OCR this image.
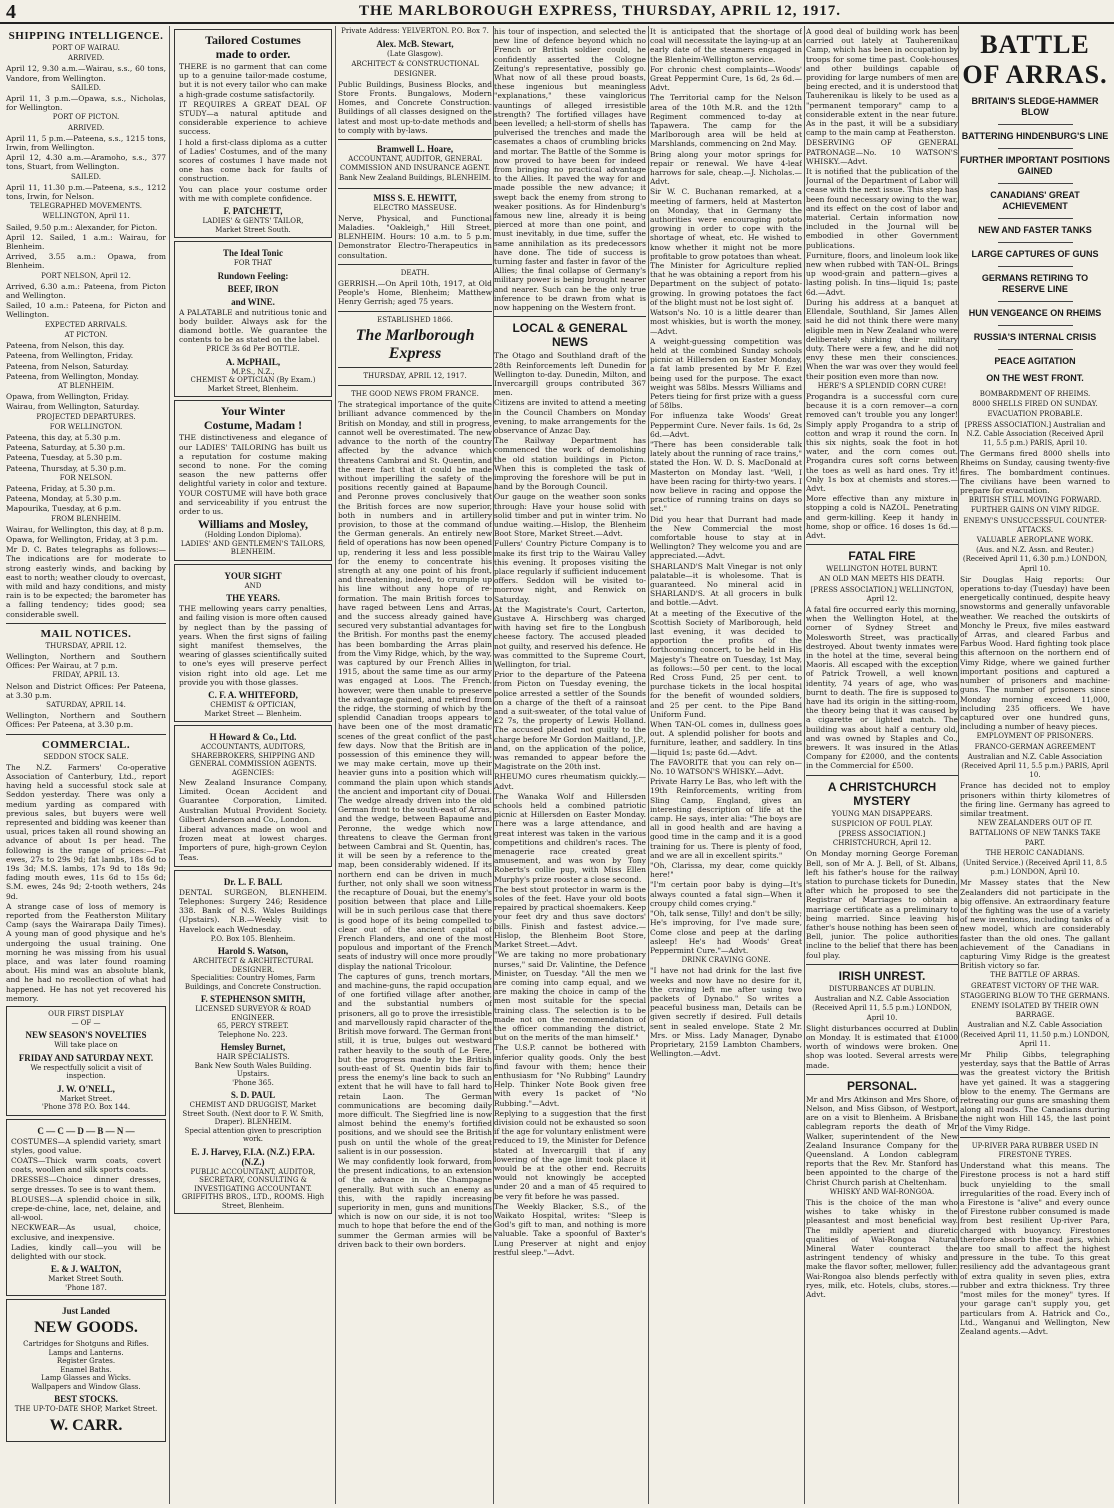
4	THE MARLBOROUGH EXPRESS, THURSDAY, APRIL 12, 1917.
SHIPPING INTELLIGENCE.
PORT OF WAIRAU.
ARRIVED.
April 12, 9.30 a.m.—Wairau, s.s., 60 tons, Vandore, from Wellington.
SAILED.
April 11, 3 p.m.—Opawa, s.s., Nicholas, for Wellington.
PORT OF PICTON.
ARRIVED.
April 11, 5 p.m.—Pateena, s.s., 1215 tons, Irwin, from Wellington.
April 12, 4.30 a.m.—Aramoho, s.s., 377 tons, Stuart, from Wellington.
SAILED.
April 11, 11.30 p.m.—Pateena, s.s., 1212 tons, Irwin, for Nelson.
TELEGRAPHED MOVEMENTS.
WELLINGTON, April 11.
Sailed, 9.50 p.m.: Alexander, for Picton.
April 12. Sailed, 1 a.m.: Wairau, for Blenheim.
Arrived, 3.55 a.m.: Opawa, from Blenheim.
PORT NELSON, April 12.
Arrived, 6.30 a.m.: Pateena, from Picton and Wellington.
Sailed, 10 a.m.: Pateena, for Picton and Wellington.
EXPECTED ARRIVALS.
AT PICTON.
Pateena, from Nelson, this day.
Pateena, from Wellington, Friday.
Pateena, from Nelson, Saturday.
Pateena, from Wellington, Monday.
AT BLENHEIM.
Opawa, from Wellington, Friday.
Wairau, from Wellington, Saturday.
PROJECTED DEPARTURES.
FOR WELLINGTON.
Pateena, this day, at 5.30 p.m.
Pateena, Saturday, at 5.30 p.m.
Pateena, Tuesday, at 5.30 p.m.
Pateena, Thursday, at 5.30 p.m.
FOR NELSON.
Pateena, Friday, at 5.30 p.m.
Pateena, Monday, at 5.30 p.m.
Mapourika, Tuesday, at 6 p.m.
FROM BLENHEIM.
Wairau, for Wellington, this day, at 8 p.m.
Opawa, for Wellington, Friday, at 3 p.m.
Mr D. C. Bates telegraphs as follows:—The indications are for moderate to strong easterly winds, and backing by east to north; weather cloudy to overcast, with mild and hazy conditions, and misty rain is to be expected; the barometer has a falling tendency; tides good; sea considerable swell.
MAIL NOTICES.
THURSDAY, APRIL 12.
Wellington, Northern and Southern Offices: Per Wairau, at 7 p.m.
FRIDAY, APRIL 13.
Nelson and District Offices: Per Pateena, at 3.30 p.m.
SATURDAY, APRIL 14.
Wellington, Northern and Southern Offices: Per Pateena, at 3.30 p.m.
COMMERCIAL.
SEDDON STOCK SALE.
The N.Z. Farmers' Co-operative Association of Canterbury, Ltd., report having held a successful stock sale at Seddon yesterday. There was only a medium yarding as compared with previous sales, but buyers were well represented and bidding was keener than usual, prices taken all round showing an advance of about 1s per head. The following is the range of prices:—Fat ewes, 27s to 29s 9d; fat lambs, 18s 6d to 19s 3d; M.S. lambs, 17s 9d to 18s 9d; fading mouth ewes, 11s 6d to 15s 6d; S.M. ewes, 24s 9d; 2-tooth wethers, 24s 9d.
A strange case of loss of memory is reported from the Featherston Military Camp (says the Wairarapa Daily Times). A young man of good physique and he's undergoing the usual training. One morning he was missing from his usual place, and was later found roaming about. His mind was an absolute blank, and he had no recollection of what had happened. He has not yet recovered his memory.
OUR FIRST DISPLAY
— OF —
NEW SEASON'S NOVELTIES
Will take place on
FRIDAY AND SATURDAY NEXT.
We respectfully solicit a visit of inspection.
J. W. O'NELL,
Market Street.
'Phone 378 P.O. Box 144.
C — C — D — B — N —
COSTUMES—A splendid variety, smart styles, good value.
COATS—Thick warm coats, covert coats, woollen and silk sports coats.
DRESSES—Choice dinner dresses, serge dresses. To see is to want them.
BLOUSES—A splendid choice in silk, crepe-de-chine, lace, net, delaine, and all-wool.
NECKWEAR—As usual, choice, exclusive, and inexpensive.
Ladies, kindly call—you will be delighted with our stock.
E. & J. WALTON,
Market Street South.
'Phone 187.
Just Landed
NEW GOODS.
Cartridges for Shotguns and Rifles.
Lamps and Lanterns.
Register Grates.
Enamel Baths.
Lamp Glasses and Wicks.
Wallpapers and Window Glass.
BEST STOCKS.
THE UP-TO-DATE SHOP, Market Street.
W. CARR.
Tailored Costumes
made to order.
THERE is no garment that can come up to a genuine tailor-made costume, but it is not every tailor who can make a high-grade costume satisfactorily.
IT REQUIRES A GREAT DEAL OF STUDY—a natural aptitude and considerable experience to achieve success.
I hold a first-class diploma as a cutter of Ladies' Costumes, and of the many scores of costumes I have made not one has come back for faults of construction.
You can place your costume order with me with complete confidence.
F. PATCHETT,
LADIES' & GENTS' TAILOR,
Market Street South.
The Ideal Tonic
FOR THAT
Rundown Feeling:
BEEF, IRON
and WINE.
A PALATABLE and nutritious tonic and body builder. Always ask for the diamond bottle. We guarantee the contents to be as stated on the label.
PRICE 3s 6d Per BOTTLE.
A. McPHAIL,
M.P.S., N.Z.,
CHEMIST & OPTICIAN (By Exam.)
Market Street, Blenheim.
Your Winter
Costume, Madam !
THE distinctiveness and elegance of our LADIES' TAILORING has built us a reputation for costume making second to none. For the coming season the new patterns offer delightful variety in color and texture. YOUR COSTUME will have both grace and serviceability if you entrust the order to us.
Williams and Mosley,
(Holding London Diploma).
LADIES' AND GENTLEMEN'S TAILORS,
BLENHEIM.
YOUR SIGHT
AND
THE YEARS.
THE mellowing years carry penalties, and failing vision is more often caused by neglect than by the passing of years. When the first signs of failing sight manifest themselves, the wearing of glasses scientifically suited to one's eyes will preserve perfect vision right into old age. Let me provide you with those glasses.
C. F. A. WHITEFORD,
CHEMIST & OPTICIAN,
Market Street — Blenheim.
H Howard & Co., Ltd.
ACCOUNTANTS, AUDITORS, SHAREBROKERS, SHIPPING AND GENERAL COMMISSION AGENTS.
AGENCIES:
New Zealand Insurance Company, Limited. Ocean Accident and Guarantee Corporation, Limited. Australian Mutual Provident Society. Gilbert Anderson and Co., London.
Liberal advances made on wool and frozen meat at lowest charges. Importers of pure, high-grown Ceylon Teas.
Dr. L. F. BALL
DENTAL SURGEON, BLENHEIM. Telephones: Surgery 246; Residence 338. Bank of N.S. Wales Buildings (Upstairs). N.B.—Weekly visit to Havelock each Wednesday.
P.O. Box 105. Blenheim.
Harold S. Watson,
ARCHITECT & ARCHITECTURAL DESIGNER.
Specialities: Country Homes, Farm Buildings, and Concrete Construction.
F. STEPHENSON SMITH,
LICENSED SURVEYOR & ROAD ENGINEER.
65, PERCY STREET.
Telephone No. 223.
Hemsley Burnet,
HAIR SPECIALISTS.
Bank New South Wales Building. Upstairs.
'Phone 365.
S. D. PAUL
CHEMIST AND DRUGGIST, Market Street South. (Next door to F. W. Smith, Draper). BLENHEIM.
Special attention given to prescription work.
E. J. Harvey, F.I.A. (N.Z.) F.P.A. (N.Z.)
PUBLIC ACCOUNTANT, AUDITOR, SECRETARY, CONSULTING & INVESTIGATING ACCOUNTANT. GRIFFITHS BROS., LTD., ROOMS. High Street, Blenheim.
Private Address: YELVERTON. P.O. Box 7.
Alex. McB. Stewart,
(Late Glasgow).
ARCHITECT & CONSTRUCTIONAL DESIGNER.
Public Buildings, Business Blocks, and Store Fronts. Bungalows, Modern Homes, and Concrete Construction. Buildings of all classes designed on the latest and most up-to-date methods and to comply with by-laws.
Bramwell L. Hoare,
ACCOUNTANT, AUDITOR, GENERAL COMMISSION AND INSURANCE AGENT.
Bank New Zealand Buildings, BLENHEIM.
MISS S. E. HEWITT,
ELECTRO MASSEUSE.
Nerve, Physical, and Functional Maladies. "Oakleigh," Hill Street, BLENHEIM. Hours: 10 a.m. to 5 p.m. Demonstrator Electro-Therapeutics in consultation.
DEATH.
GERRISH.—On April 10th, 1917, at Old People's Home, Blenheim; Matthew Henry Gerrish; aged 75 years.
ESTABLISHED 1866.
The Marlborough Express
THURSDAY, APRIL 12, 1917.
THE GOOD NEWS FROM FRANCE.
The strategical importance of the quite brilliant advance commenced by the British on Monday, and still in progress, cannot well be overestimated. The new advance to the north of the country affected by the advance which threatens Cambrai and St. Quentin, and the mere fact that it could be made without imperilling the safety of the positions recently gained at Bapaume and Peronne proves conclusively that the British forces are now superior, both in numbers and in artillery provision, to those at the command of the German generals. An entirely new field of operations has now been opened up, rendering it less and less possible for the enemy to concentrate his strength at any one point of his front, and threatening, indeed, to crumple up his line without any hope of re-formation. The main British forces to have raged between Lens and Arras, and the success already gained have secured very substantial advantages for the British. For months past the enemy has been bombarding the Arras plain from the Vimy Ridge, which, by the way, was captured by our French Allies in 1915, about the same time as our army was engaged at Loos. The French, however, were then unable to preserve the advantage gained, and retired from the ridge, the storming of which by the splendid Canadian troops appears to have been one of the most dramatic scenes of the great conflict of the past few days. Now that the British are in possession of this eminence they will, we may make certain, move up their heavier guns into a position which will command the plain upon which stands the ancient and important city of Douai. The wedge already driven into the old German front to the south-east of Arras, and the wedge, between Bapaume and Peronne, the wedge which now threatens to cleave the German front between Cambrai and St. Quentin, has, it will be seen by a reference to the map, been considerably widened. If its northern end can be driven in much further, not only shall we soon witness the recapture of Douai, but the enemy's position between that place and Lille will be in such perilous case that there is good hope of its being compelled to clear out of the ancient capital of French Flanders, and one of the most populous and important of the French seats of industry will once more proudly display the national Tricolour.
The captures of guns, trench mortars, and machine-guns, the rapid occupation of one fortified village after another, and the substantial numbers of prisoners, all go to prove the irresistible and marvellously rapid character of the British move forward. The German front still, it is true, bulges out westward rather heavily to the south of Le Fere, but the progress made by the British south-east of St. Quentin bids fair to press the enemy's line back to such an extent that he will have to fall hard to retain Laon. The German communications are becoming daily more difficult. The Siegfried line is now almost behind the enemy's fortified positions, and we should see the British push on until the whole of the great salient is in our possession.
We may confidently look forward, from the present indications, to an extension of the advance in the Champagne generally. But with such an enemy as this, with the rapidly increasing superiority in men, guns and munitions which is now on our side, it is not too much to hope that before the end of the summer the German armies will be driven back to their own borders.
his tour of inspection, and selected the new line of defence beyond which no French or British soldier could, he confidently asserted the Cologne Zeitung's representative, possibly go. What now of all these proud boasts, these ingenious but meaningless "explanations," these vaingloricus vauntings of alleged irresistible strength? The fortified villages have been levelled; a hell-storm of shells has pulverised the trenches and made the casemates a chaos of crumbling bricks and mortar. The Battle of the Somme is now proved to have been for indeed from bringing no practical advantage to the Allies. It paved the way for and made possible the new advance; it swept back the enemy from strong to weaker positions. As for Hindenburg's famous new line, already it is being pierced at more than one point, and must inevitably, in due time, suffer the same annihilation as its predecessors have done. The tide of success is turning faster and faster in favor of the Allies; the final collapse of Germany's military power is being brought nearer and nearer. Such can be the only true inference to be drawn from what is now happening on the Western front.
LOCAL & GENERAL NEWS
The Otago and Southland draft of the 28th Reinforcements left Dunedin for Wellington to-day. Dunedin, Milton, and Invercargill groups contributed 367 men.
Citizens are invited to attend a meeting in the Council Chambers on Monday evening, to make arrangements for the observance of Anzac Day.
The Railway Department has commenced the work of demolishing the old station buildings in Picton. When this is completed the task of improving the foreshore will be put in hand by the Borough Council.
Our gauge on the weather soon sonks through: Have your house solid with solid timber and put in winter trim. No undue waiting.—Hislop, the Blenheim Boot Store, Market Street.—Advt.
Fullers' Country Picture Company is to make its first trip to the Wairau Valley this evening. It proposes visiting the place regularly if sufficient inducement offers. Seddon will be visited to-morrow night, and Renwick on Saturday.
At the Magistrate's Court, Carterton, Gustave A. Hirschberg was charged with having set fire to the Longbush cheese factory. The accused pleaded not guilty, and reserved his defence. He was committed to the Supreme Court, Wellington, for trial.
Prior to the departure of the Pateena from Picton on Tuesday evening, the police arrested a settler of the Sounds on a charge of the theft of a rainsoat and a suit-sweater, of the total value of £2 7s, the property of Lewis Holland. The accused pleaded not guilty to the charge before Mr Gordon Maitland, J.P., and, on the application of the police, was remanded to appear before the Magistrate on the 20th inst.
RHEUMO cures rheumatism quickly.—Advt.
The Wanaka Wolf and Hillersden schools held a combined patriotic picnic at Hillersden on Easter Monday. There was a large attendance, and great interest was taken in the various competitions and children's races. The menagerie race created great amusement, and was won by Tony Roberts's collie pup, with Miss Ellen Murphy's prize rooster a close second.
The best stout protector in warm is the soles of the feet. Have your old boots repaired by practical shoemakers. Keep your feet dry and thus save doctors' bills. Finish and fastest advice.—Hislop, the Blenheim Boot Store, Market Street.—Advt.
"We are taking no more probationary nurses," said Dr. Valintine, the Defence Minister, on Tuesday. "All the men we are coming into camp equal, and we are making the choice in camp of the men most suitable for the special training class. The selection is to be made not on the recommendation of the officer commanding the district, but on the merits of the man himself."
The U.S.P. cannot be bothered with inferior quality goods. Only the best find favour with them; hence their enthusiasm for "No Rubbing" Laundry Help. Thinker Note Book given free with every 1s packet of "No Rubbing."—Advt.
Replying to a suggestion that the first division could not be exhausted so soon if the age for voluntary enlistment were reduced to 19, the Minister for Defence stated at Invercargill that if any lowering of the age limit took place it would be at the other end. Recruits would not knowingly be accepted under 20 and a man of 45 required to be very fit before he was passed.
The Weekly Blacker, S.S., of the Waikato Hospital, writes: "Sleep is God's gift to man, and nothing is more valuable. Take a spoonful of Baxter's Lung Preserver at night and enjoy restful sleep."—Advt.
It is anticipated that the shortage of coal will necessitate the laying-up at an early date of the steamers engaged in the Blenheim-Wellington service.
For chronic chest complaints—Woods' Great Peppermint Cure, 1s 6d, 2s 6d.—Advt.
The Territorial camp for the Nelson area of the 10th M.R. and the 12th Regiment commenced to-day at Tapawera. The camp for the Marlborough area will be held at Marshlands, commencing on 2nd May.
Bring along your motor springs for repair or renewal. We have 4-leaf harrows for sale, cheap.—J. Nicholas.—Advt.
Sir W. C. Buchanan remarked, at a meeting of farmers, held at Masterton on Monday, that in Germany the authorities were encouraging potato growing in order to cope with the shortage of wheat, etc. He wished to know whether it might not be more profitable to grow potatoes than wheat. The Minister for Agriculture replied that he was obtaining a report from his Department on the subject of potato-growing. In growing potatoes the fact of the blight must not be lost sight of.
Watson's No. 10 is a little dearer than most whiskies, but is worth the money.—Advt.
A weight-guessing competition was held at the combined Sunday schools picnic at Hillersden on Easter Monday, a fat lamb presented by Mr F. Ezel being used for the purpose. The exact weight was 58lbs. Messrs Williams and Peters tieing for first prize with a guess of 58lbs.
For influenza take Woods' Great Peppermint Cure. Never fails. 1s 6d, 2s 6d.—Advt.
"There has been considerable talk lately about the running of race trains," stated the Hon. W. D. S. MacDonald at Masterton on Monday last. "Well, I have been racing for thirty-two years. I now believe in racing and oppose the practice of running trains on days so set."
Did you hear that Durrant had made the New Commercial the most comfortable house to stay at in Wellington? They welcome you and are appreciated.—Advt.
SHARLAND'S Malt Vinegar is not only palatable—it is wholesome. That is guaranteed. No mineral acid in SHARLAND'S. At all grocers in bulk and bottle.—Advt.
At a meeting of the Executive of the Scottish Society of Marlborough, held last evening, it was decided to apportion the profits of the forthcoming concert, to be held in His Majesty's Theatre on Tuesday, 1st May, as follows:—50 per cent. to the local Red Cross Fund, 25 per cent. to purchase tickets in the local hospital for the benefit of wounded soldiers, and 25 per cent. to the Pipe Band Uniform Fund.
When TAN-OL comes in, dullness goes out. A splendid polisher for boots and furniture, leather, and saddlery. In tins—liquid 1s; paste 6d.—Advt.
The FAVORITE that you can rely on—No. 10 WATSON'S WHISKY.—Advt.
Private Harry Le Bas, who left with the 19th Reinforcements, writing from Sling Camp, England, gives an interesting description of life at the camp. He says, inter alia: "The boys are all in good health and are having a good time in the camp and it is a good training for us. There is plenty of food, and we are all in excellent spirits."
"Oh, Clarissa, my dear, come quickly here!"
"I'm certain poor baby is dying—It's always counted a fatal sign—When it croupy child comes crying."
"Oh, talk sense, Tilly! and don't be silly; He's improving, for I've made sure, Come close and peep at the darling asleep! He's had Woods' Great Peppermint Cure."—Advt.
DRINK CRAVING GONE.
"I have not had drink for the last five weeks and now have no desire for it, the craving left me after using two packets of Dynabo." So writes a peaceful business man, Details can be given secretly if desired. Full details sent in sealed envelope. State 2 Mr. Mrs. or Miss. Lady Manager, Dynabo Proprietary, 2159 Lambton Chambers, Wellington.—Advt.
A good deal of building work has been carried out lately at Tauherenikau Camp, which has been in occupation by troops for some time past. Cook-houses and other buildings capable of providing for large numbers of men are being erected, and it is understood that Tauherenikau is likely to be used as a "permanent temporary" camp to a considerable extent in the near future. As in the past, it will be a subsidiary camp to the main camp at Featherston.
DESERVING OF GENERAL PATRONAGE—No. 10 WATSON'S WHISKY.—Advt.
It is notified that the publication of the Journal of the Department of Labor will cease with the next issue. This step has been found necessary owing to the war, and its effect on the cost of labor and material. Certain information now included in the Journal will be embodied in other Government publications.
Furniture, floors, and linoleum look like new when rubbed with TAN-OL. Brings up wood-grain and pattern—gives a lasting polish. In tins—liquid 1s; paste 6d.—Advt.
During his address at a banquet at Ellendale, Southland, Sir James Allen said he did not think there were many eligible men in New Zealand who were deliberately shirking their military duty. There were a few, and he did not envy these men their consciences. When the war was over they would feel their position even more than now.
HERE'S A SPLENDID CORN CURE!
Progandra is a successful corn cure because it is a corn remover—a corn removed can't trouble you any longer! Simply apply Progandra to a strip of cotton and wrap it round the corn. In this six nights, soak the foot in hot water, and the corn comes out. Progandra cures soft corns between the toes as well as hard ones. Try it! Only 1s box at chemists and stores.—Advt.
More effective than any mixture in stopping a cold is NAZOL. Penetrating and germ-killing. Keep it handy in home, shop or office. 16 doses 1s 6d.—Advt.
FATAL FIRE
WELLINGTON HOTEL BURNT.
AN OLD MAN MEETS HIS DEATH.
[PRESS ASSOCIATION.] WELLINGTON, April 12.
A fatal fire occurred early this morning, when the Wellington Hotel, at the corner of Sydney Street and Molesworth Street, was practically destroyed. About twenty inmates were in the hotel at the time, several being Maoris. All escaped with the exception of Patrick Trowell, a well known identity, 74 years of age, who was burnt to death. The fire is supposed to have had its origin in the sitting-room, the theory being that it was caused by a cigarette or lighted match. The building was about half a century old, and was owned by Staples and Co., brewers. It was insured in the Atlas Company for £2000, and the contents in the Commercial for £500.
A CHRISTCHURCH MYSTERY
YOUNG MAN DISAPPEARS.
SUSPICION OF FOUL PLAY.
[PRESS ASSOCIATION.] CHRISTCHURCH, April 12.
On Monday morning George Foreman Bell, son of Mr A. J. Bell, of St. Albans, left his father's house for the railway station to purchase tickets for Dunedin, after which he proposed to see the Registrar of Marriages to obtain a marriage certificate as a preliminary to being married. Since leaving his father's house nothing has been seen of Bell, junior. The police authorities incline to the belief that there has been foul play.
IRISH UNREST.
DISTURBANCES AT DUBLIN.
Australian and N.Z. Cable Association (Received April 11, 5.5 p.m.) LONDON, April 10.
Slight disturbances occurred at Dublin on Monday. It is estimated that £1000 worth of windows were broken. One shop was looted. Several arrests were made.
PERSONAL.
Mr and Mrs Atkinson and Mrs Shore, of Nelson, and Miss Gibson, of Westport, are on a visit to Blenheim. A Brisbane cablegram reports the death of Mr Walker, superintendent of the New Zealand Insurance Company for the Queensland. A London cablegram reports that the Rev. Mr. Stanford has been appointed to the charge of the Christ Church parish at Cheltenham.
WHISKY AND WAI-RONGOA.
This is the choice of the man who wishes to take whisky in the pleasantest and most beneficial way. The mildly aperient and diuretic qualities of Wai-Rongoa Natural Mineral Water counteract the astringent tendency of whisky and make the flavor softer, mellower, fuller. Wai-Rongoa also blends perfectly with ryes, milk, etc. Hotels, clubs, stores.—Advt.
BATTLE OF ARRAS.
BRITAIN'S SLEDGE-HAMMER BLOW
BATTERING HINDENBURG'S LINE
FURTHER IMPORTANT POSITIONS GAINED
CANADIANS' GREAT ACHIEVEMENT
NEW AND FASTER TANKS
LARGE CAPTURES OF GUNS
GERMANS RETIRING TO RESERVE LINE
HUN VENGEANCE ON RHEIMS
RUSSIA'S INTERNAL CRISIS
PEACE AGITATION
ON THE WEST FRONT.
BOMBARDMENT OF RHEIMS.
8000 SHELLS FIRED ON SUNDAY.
EVACUATION PROBABLE.
[PRESS ASSOCIATION.] Australian and N.Z. Cable Association (Received April 11, 5.5 p.m.) PARIS, April 10.
The Germans fired 8000 shells into Rheims on Sunday, causing twenty-five fires. The bombardment continues. The civilians have been warned to prepare for evacuation.
BRITISH STILL MOVING FORWARD.
FURTHER GAINS ON VIMY RIDGE.
ENEMY'S UNSUCCESSFUL COUNTER-ATTACKS.
VALUABLE AEROPLANE WORK.
(Aus. and N.Z. Assn. and Reuter.) (Received April 11, 6.30 p.m.) LONDON, April 10.
Sir Douglas Haig reports: Our operations to-day (Tuesday) have been energetically continued, despite heavy snowstorms and generally unfavorable weather. We reached the outskirts of Monchy le Preux, five miles eastward of Arras, and cleared Farbus and Farbus Wood. Hard fighting took place this afternoon on the northern end of Vimy Ridge, where we gained further important positions and captured a number of prisoners and machine-guns. The number of prisoners since Monday morning exceed 11,000, including 235 officers. We have captured over one hundred guns, including a number of heavy pieces.
EMPLOYMENT OF PRISONERS.
FRANCO-GERMAN AGREEMENT
Australian and N.Z. Cable Association (Received April 11, 5.5 p.m.) PARIS, April 10.
France has decided not to employ prisoners within thirty kilometres of the firing line. Germany has agreed to similar treatment.
NEW ZEALANDERS OUT OF IT.
BATTALIONS OF NEW TANKS TAKE PART.
THE HEROIC CANADIANS.
(United Service.) (Received April 11, 8.5 p.m.) LONDON, April 10.
Mr Massey states that the New Zealanders did not participate in the big offensive. An extraordinary feature of the fighting was the use of a variety of new inventions, including tanks of a new model, which are considerably faster than the old ones. The gallant achievement of the Canadians in capturing Vimy Ridge is the greatest British victory so far.
THE BATTLE OF ARRAS.
GREATEST VICTORY OF THE WAR.
STAGGERING BLOW TO THE GERMANS.
ENEMY ISOLATED BY THEIR OWN BARRAGE.
Australian and N.Z. Cable Association (Received April 11, 11.50 p.m.) LONDON, April 11.
Mr Philip Gibbs, telegraphing yesterday, says that the Battle of Arras was the greatest victory the British have yet gained. It was a staggering blow to the enemy. The Germans are retreating our guns are smashing them along all roads. The Canadians during the night won Hill 145, the last point of the Vimy Ridge.
UP-RIVER PARA RUBBER USED IN FIRESTONE TYRES.
Understand what this means. The Firestone process is not a hard stiff buck unyielding to the small irregularities of the road. Every inch of a Firestone is "alive" and every ounce of Firestone rubber consumed is made from best resilient Up-river Para, charged with buoyancy. Firestones therefore absorb the road jars, which are too small to affect the highest pressure in the tube. To this great resiliency add the advantageous grant of extra quality in seven plies, extra rubber and extra thickness. Try three "most miles for the money" tyres. If your garage can't supply you, get particulars from A. Hatrick and Co., Ltd., Wanganui and Wellington, New Zealand agents.—Advt.
